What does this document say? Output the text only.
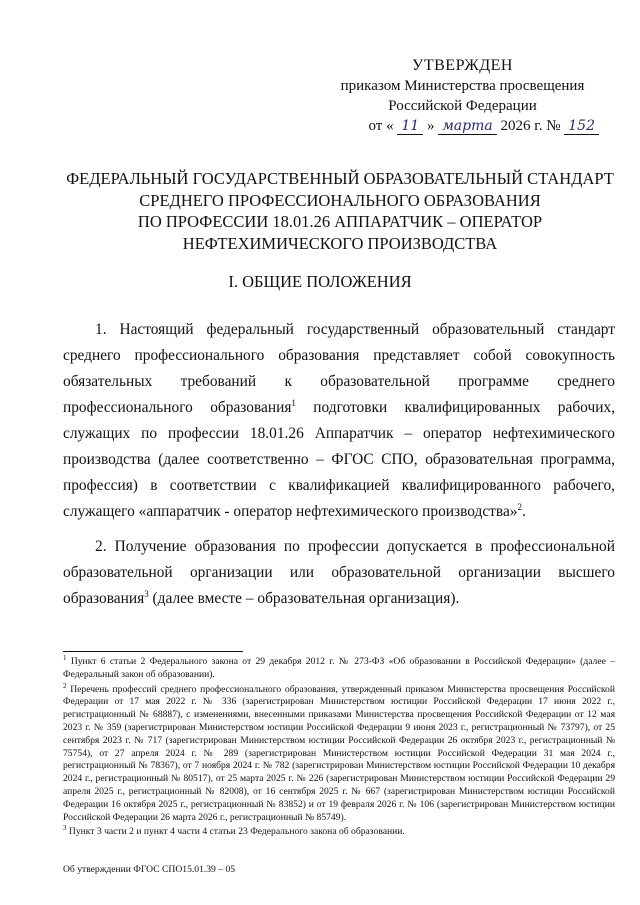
УТВЕРЖДЕН
приказом Министерства просвещения
Российской Федерации
от « 11 » марта 2026 г. № 152
ФЕДЕРАЛЬНЫЙ ГОСУДАРСТВЕННЫЙ ОБРАЗОВАТЕЛЬНЫЙ СТАНДАРТ
СРЕДНЕГО ПРОФЕССИОНАЛЬНОГО ОБРАЗОВАНИЯ
ПО ПРОФЕССИИ 18.01.26 АППАРАТЧИК – ОПЕРАТОР
НЕФТЕХИМИЧЕСКОГО ПРОИЗВОДСТВА
I. ОБЩИЕ ПОЛОЖЕНИЯ

1. Настоящий федеральный государственный образовательный стандарт среднего профессионального образования представляет собой совокупность обязательных требований к образовательной программе среднего профессионального образования$^1$ подготовки квалифицированных рабочих, служащих по профессии 18.01.26 Аппаратчик – оператор нефтехимического производства (далее соответственно – ФГОС СПО, образовательная программа, профессия) в соответствии с квалификацией квалифицированного рабочего, служащего «аппаратчик - оператор нефтехимического производства»$^2$.

2. Получение образования по профессии допускается в профессиональной образовательной организации или образовательной организации высшего образования$^3$ (далее вместе – образовательная организация).

$^1$ Пункт 6 статьи 2 Федерального закона от 29 декабря 2012 г. № 273-ФЗ «Об образовании в Российской Федерации» (далее – Федеральный закон об образовании).

$^2$ Перечень профессий среднего профессионального образования, утвержденный приказом Министерства просвещения Российской Федерации от 17 мая 2022 г. № 336 (зарегистрирован Министерством юстиции Российской Федерации 17 июня 2022 г., регистрационный № 68887), с изменениями, внесенными приказами Министерства просвещения Российской Федерации от 12 мая 2023 г. № 359 (зарегистрирован Министерством юстиции Российской Федерации 9 июня 2023 г., регистрационный № 73797), от 25 сентября 2023 г. № 717 (зарегистрирован Министерством юстиции Российской Федерации 26 октября 2023 г., регистрационный № 75754), от 27 апреля 2024 г. № 289 (зарегистрирован Министерством юстиции Российской Федерации 31 мая 2024 г., регистрационный № 78367), от 7 ноября 2024 г. № 782 (зарегистрирован Министерством юстиции Российской Федерации 10 декабря 2024 г., регистрационный № 80517), от 25 марта 2025 г. № 226 (зарегистрирован Министерством юстиции Российской Федерации 29 апреля 2025 г., регистрационный № 82008), от 16 сентября 2025 г. № 667 (зарегистрирован Министерством юстиции Российской Федерации 16 октября 2025 г., регистрационный № 83852) и от 19 февраля 2026 г. № 106 (зарегистрирован Министерством юстиции Российской Федерации 26 марта 2026 г., регистрационный № 85749).

$^3$ Пункт 3 части 2 и пункт 4 части 4 статьи 23 Федерального закона об образовании.

Об утверждении ФГОС СПО15.01.39 – 05
